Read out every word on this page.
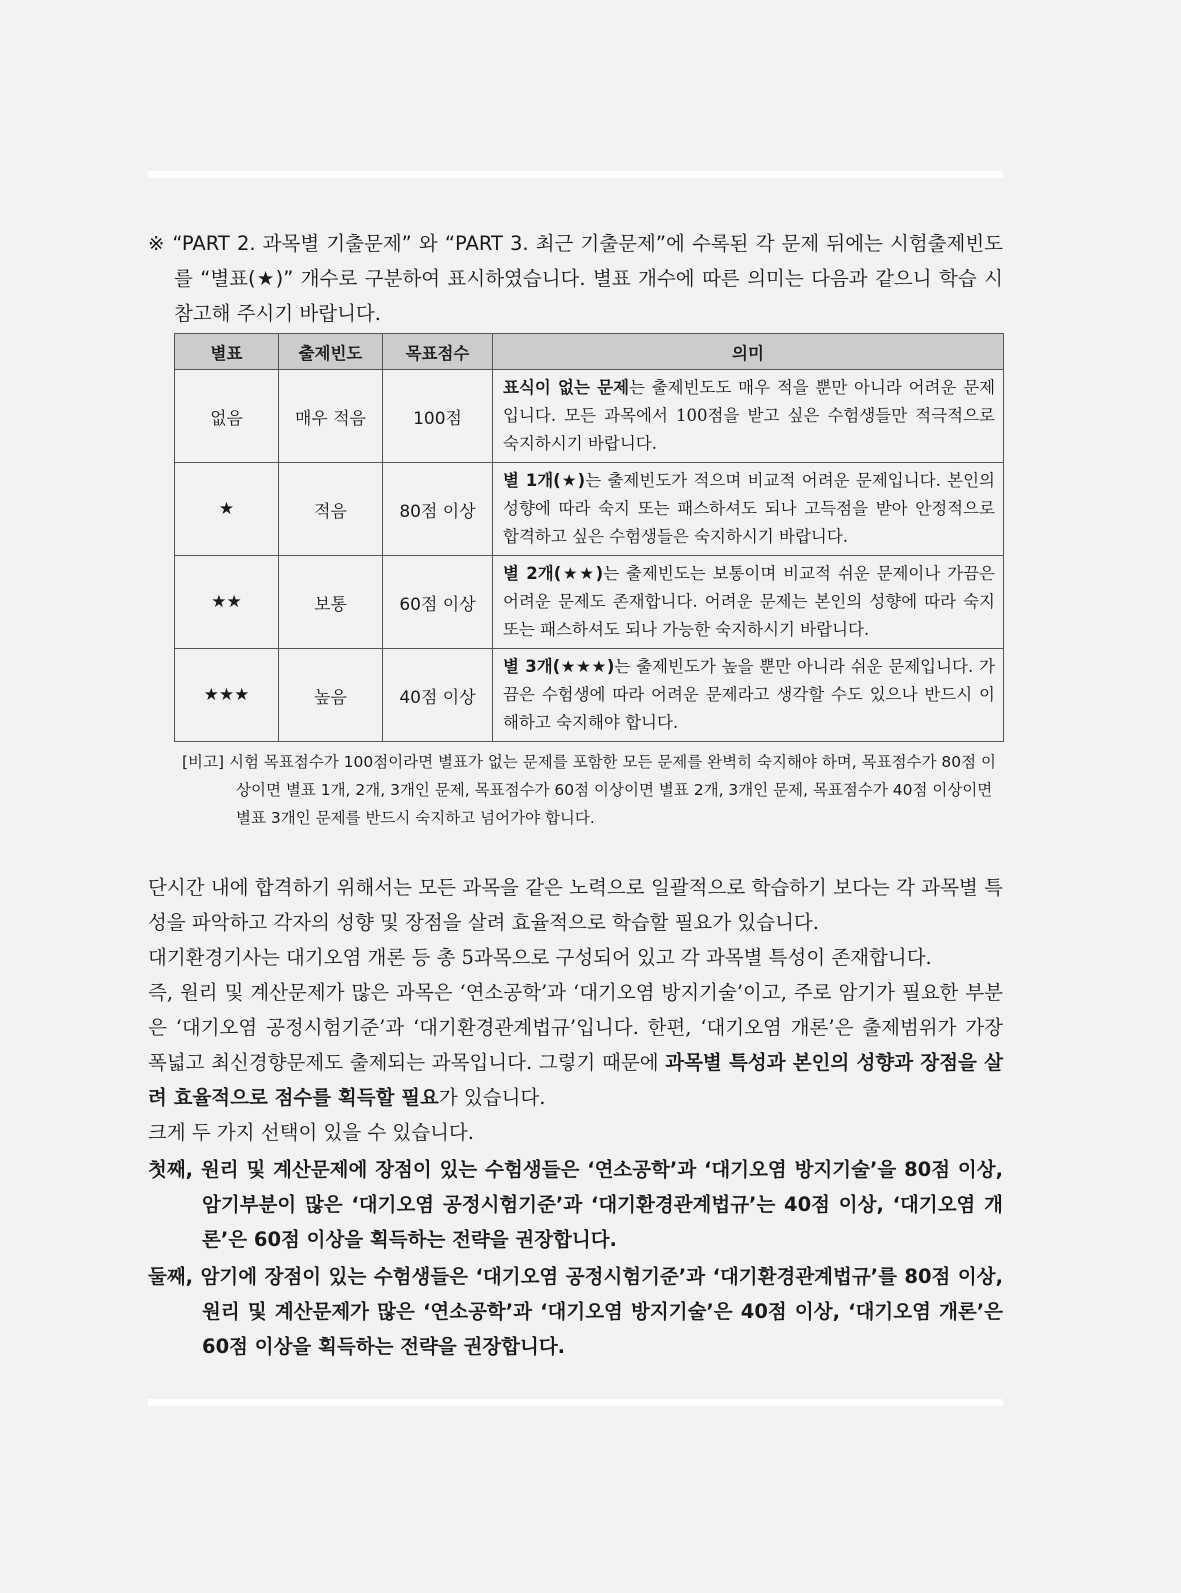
※ “PART 2. 과목별 기출문제” 와 “PART 3. 최근 기출문제”에 수록된 각 문제 뒤에는 시험출제빈도를 “별표(★)” 개수로 구분하여 표시하였습니다. 별표 개수에 따른 의미는 다음과 같으니 학습 시 참고해 주시기 바랍니다.
별표	출제빈도	목표점수	의미
없음	매우 적음	100점	표식이 없는 문제는 출제빈도도 매우 적을 뿐만 아니라 어려운 문제입니다. 모든 과목에서 100점을 받고 싶은 수험생들만 적극적으로 숙지하시기 바랍니다.
★	적음	80점 이상	별 1개(★)는 출제빈도가 적으며 비교적 어려운 문제입니다. 본인의 성향에 따라 숙지 또는 패스하셔도 되나 고득점을 받아 안정적으로 합격하고 싶은 수험생들은 숙지하시기 바랍니다.
★★	보통	60점 이상	별 2개(★★)는 출제빈도는 보통이며 비교적 쉬운 문제이나 가끔은 어려운 문제도 존재합니다. 어려운 문제는 본인의 성향에 따라 숙지 또는 패스하셔도 되나 가능한 숙지하시기 바랍니다.
★★★	높음	40점 이상	별 3개(★★★)는 출제빈도가 높을 뿐만 아니라 쉬운 문제입니다. 가끔은 수험생에 따라 어려운 문제라고 생각할 수도 있으나 반드시 이해하고 숙지해야 합니다.
[비고] 시험 목표점수가 100점이라면 별표가 없는 문제를 포함한 모든 문제를 완벽히 숙지해야 하며, 목표점수가 80점 이상이면 별표 1개, 2개, 3개인 문제, 목표점수가 60점 이상이면 별표 2개, 3개인 문제, 목표점수가 40점 이상이면 별표 3개인 문제를 반드시 숙지하고 넘어가야 합니다.

단시간 내에 합격하기 위해서는 모든 과목을 같은 노력으로 일괄적으로 학습하기 보다는 각 과목별 특성을 파악하고 각자의 성향 및 장점을 살려 효율적으로 학습할 필요가 있습니다.

대기환경기사는 대기오염 개론 등 총 5과목으로 구성되어 있고 각 과목별 특성이 존재합니다.

즉, 원리 및 계산문제가 많은 과목은 ‘연소공학’과 ‘대기오염 방지기술’이고, 주로 암기가 필요한 부분은 ‘대기오염 공정시험기준’과 ‘대기환경관계법규’입니다. 한편, ‘대기오염 개론’은 출제범위가 가장 폭넓고 최신경향문제도 출제되는 과목입니다. 그렇기 때문에 과목별 특성과 본인의 성향과 장점을 살려 효율적으로 점수를 획득할 필요가 있습니다.

크게 두 가지 선택이 있을 수 있습니다.

첫째, 원리 및 계산문제에 장점이 있는 수험생들은 ‘연소공학’과 ‘대기오염 방지기술’을 80점 이상, 암기부분이 많은 ‘대기오염 공정시험기준’과 ‘대기환경관계법규’는 40점 이상, ‘대기오염 개론’은 60점 이상을 획득하는 전략을 권장합니다.

둘째, 암기에 장점이 있는 수험생들은 ‘대기오염 공정시험기준’과 ‘대기환경관계법규’를 80점 이상, 원리 및 계산문제가 많은 ‘연소공학’과 ‘대기오염 방지기술’은 40점 이상, ‘대기오염 개론’은 60점 이상을 획득하는 전략을 권장합니다.
